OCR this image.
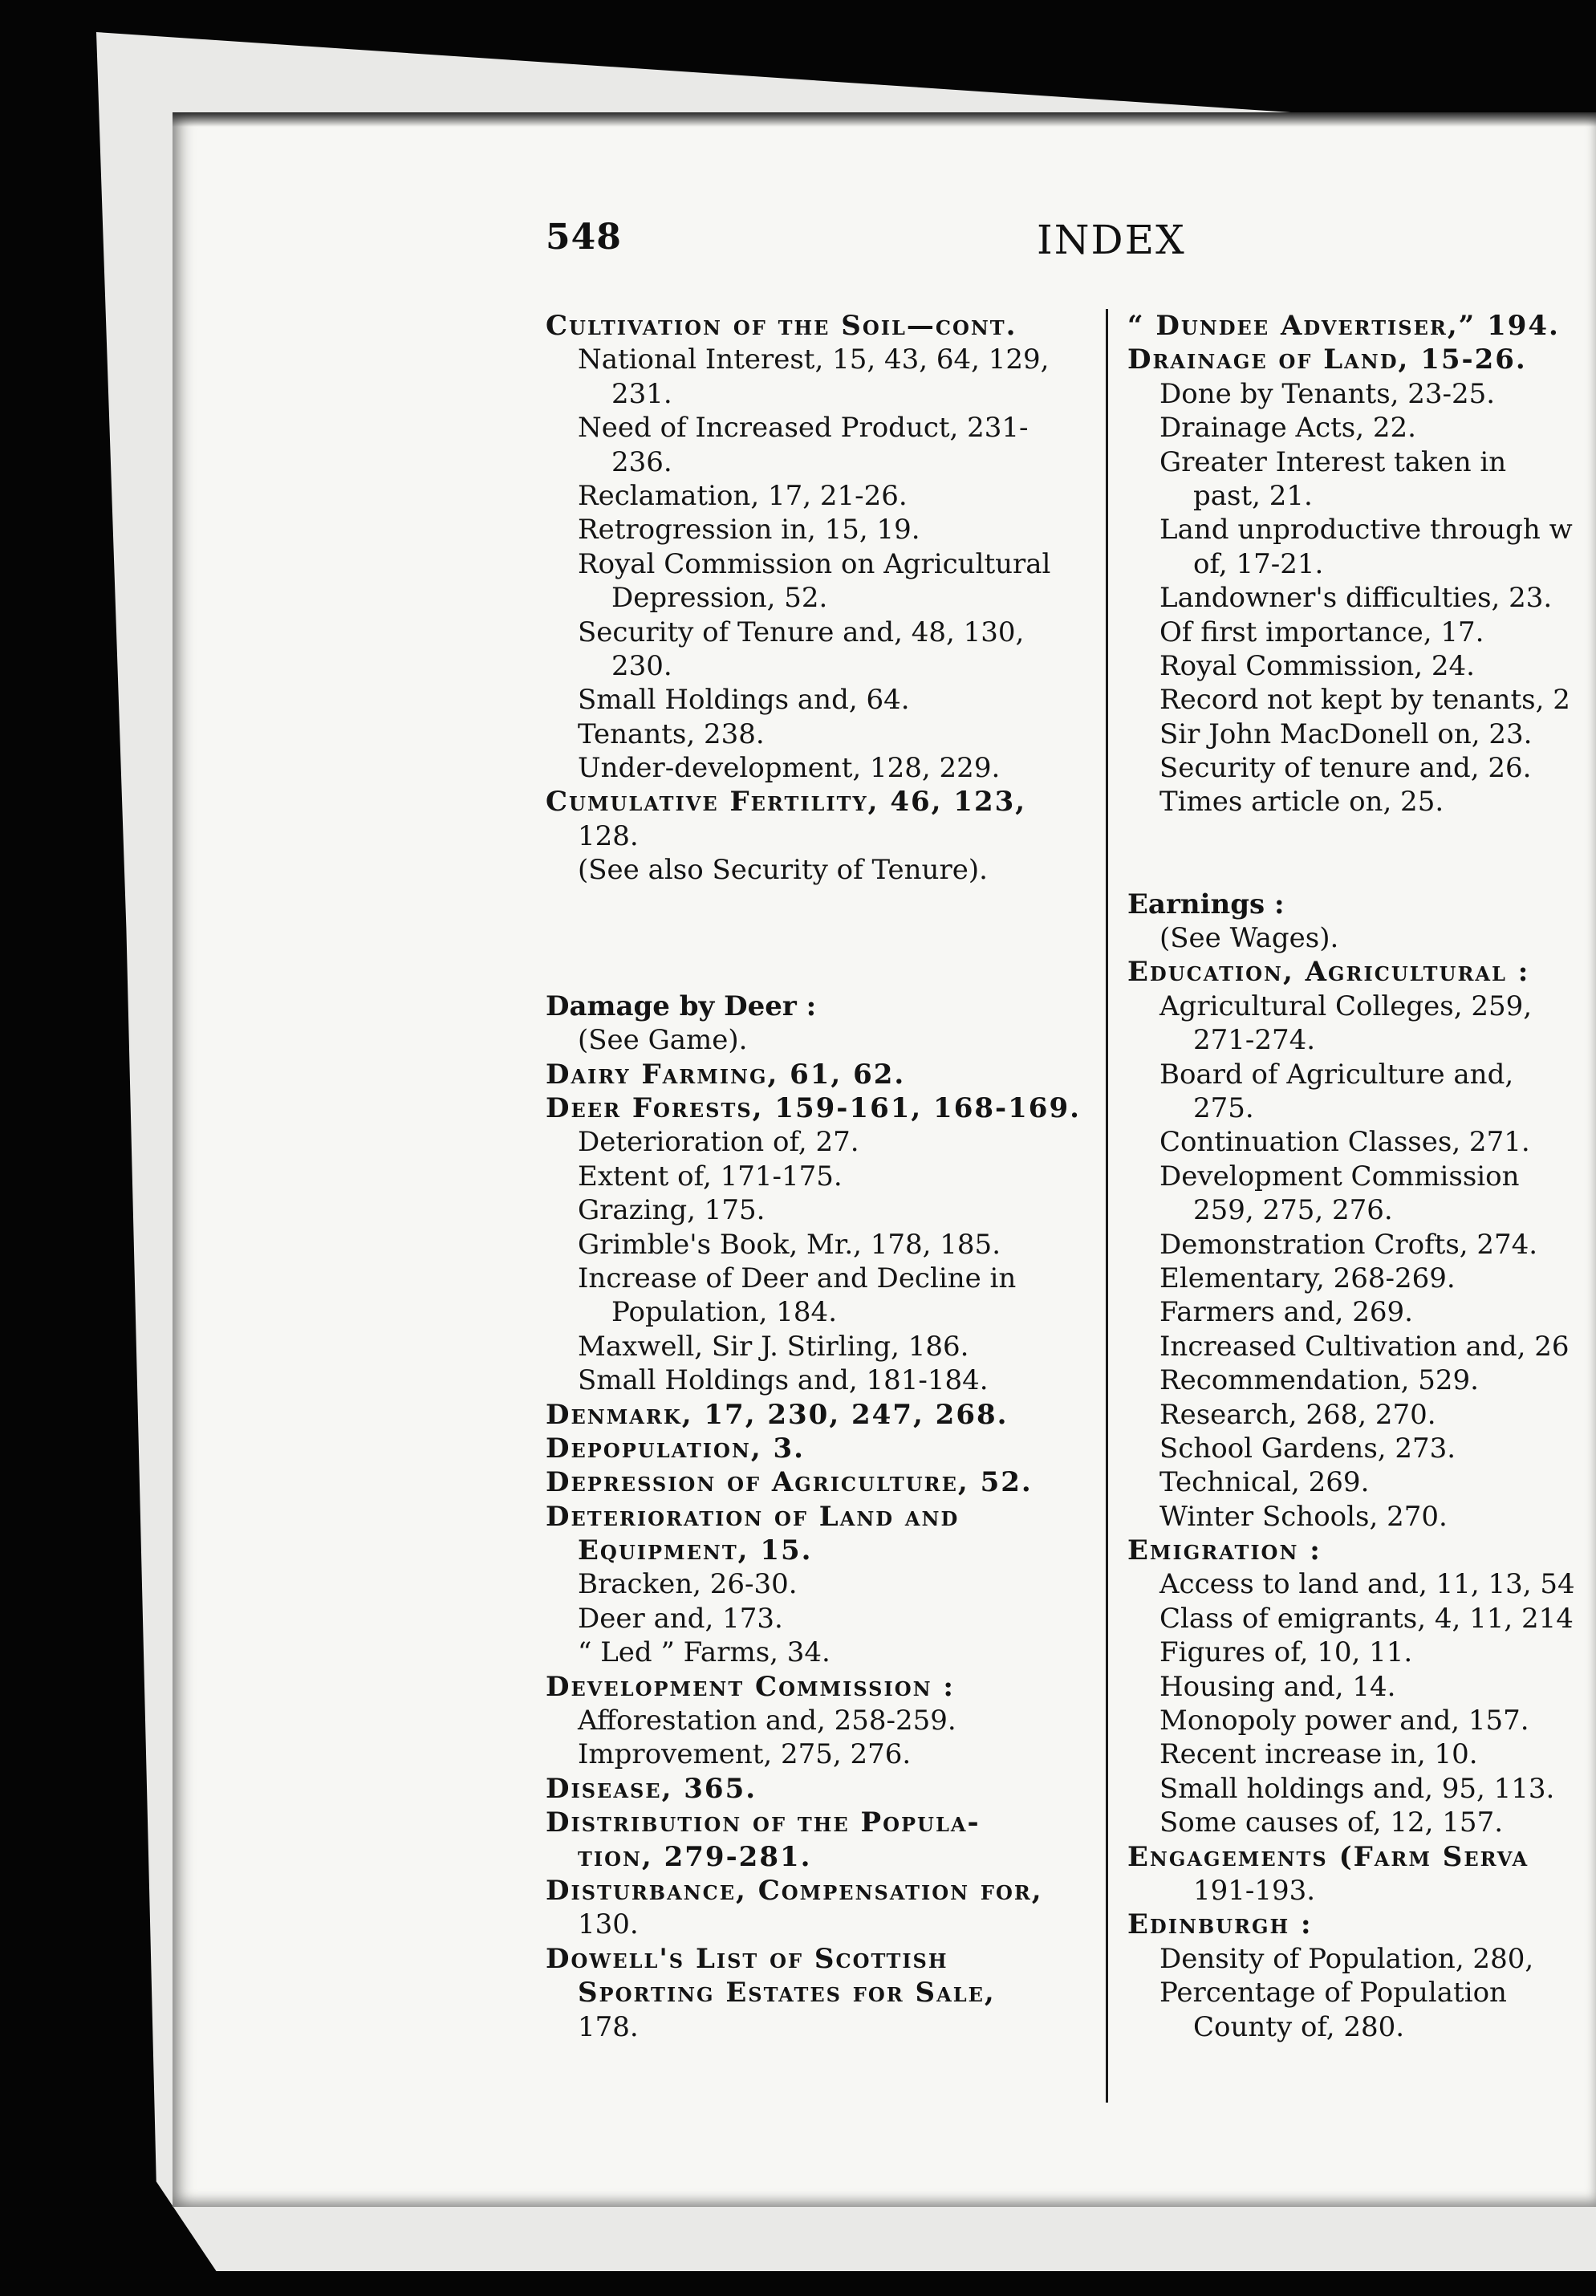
548	INDEX
Cultivation of the Soil—cont.
National Interest, 15, 43, 64, 129,
231.
Need of Increased Product, 231-
236.
Reclamation, 17, 21-26.
Retrogression in, 15, 19.
Royal Commission on Agricultural
Depression, 52.
Security of Tenure and, 48, 130,
230.
Small Holdings and, 64.
Tenants, 238.
Under-development, 128, 229.
Cumulative Fertility, 46, 123,
128.
(See also Security of Tenure).
Damage by Deer :
(See Game).
Dairy Farming, 61, 62.
Deer Forests, 159-161, 168-169.
Deterioration of, 27.
Extent of, 171-175.
Grazing, 175.
Grimble's Book, Mr., 178, 185.
Increase of Deer and Decline in
Population, 184.
Maxwell, Sir J. Stirling, 186.
Small Holdings and, 181-184.
Denmark, 17, 230, 247, 268.
Depopulation, 3.
Depression of Agriculture, 52.
Deterioration of Land and
Equipment, 15.
Bracken, 26-30.
Deer and, 173.
“ Led ” Farms, 34.
Development Commission :
Afforestation and, 258-259.
Improvement, 275, 276.
Disease, 365.
Distribution of the Popula-
tion, 279-281.
Disturbance, Compensation for,
130.
Dowell's List of Scottish
Sporting Estates for Sale,
178.
“ Dundee Advertiser,” 194.
Drainage of Land, 15-26.
Done by Tenants, 23-25.
Drainage Acts, 22.
Greater Interest taken in
past, 21.
Land unproductive through w
of, 17-21.
Landowner's difficulties, 23.
Of first importance, 17.
Royal Commission, 24.
Record not kept by tenants, 2
Sir John MacDonell on, 23.
Security of tenure and, 26.
Times article on, 25.
Earnings :
(See Wages).
Education, Agricultural :
Agricultural Colleges, 259,
271-274.
Board of Agriculture and,
275.
Continuation Classes, 271.
Development Commission
259, 275, 276.
Demonstration Crofts, 274.
Elementary, 268-269.
Farmers and, 269.
Increased Cultivation and, 26
Recommendation, 529.
Research, 268, 270.
School Gardens, 273.
Technical, 269.
Winter Schools, 270.
Emigration :
Access to land and, 11, 13, 54
Class of emigrants, 4, 11, 214
Figures of, 10, 11.
Housing and, 14.
Monopoly power and, 157.
Recent increase in, 10.
Small holdings and, 95, 113.
Some causes of, 12, 157.
Engagements (Farm Serva
191-193.
Edinburgh :
Density of Population, 280,
Percentage of Population
County of, 280.
